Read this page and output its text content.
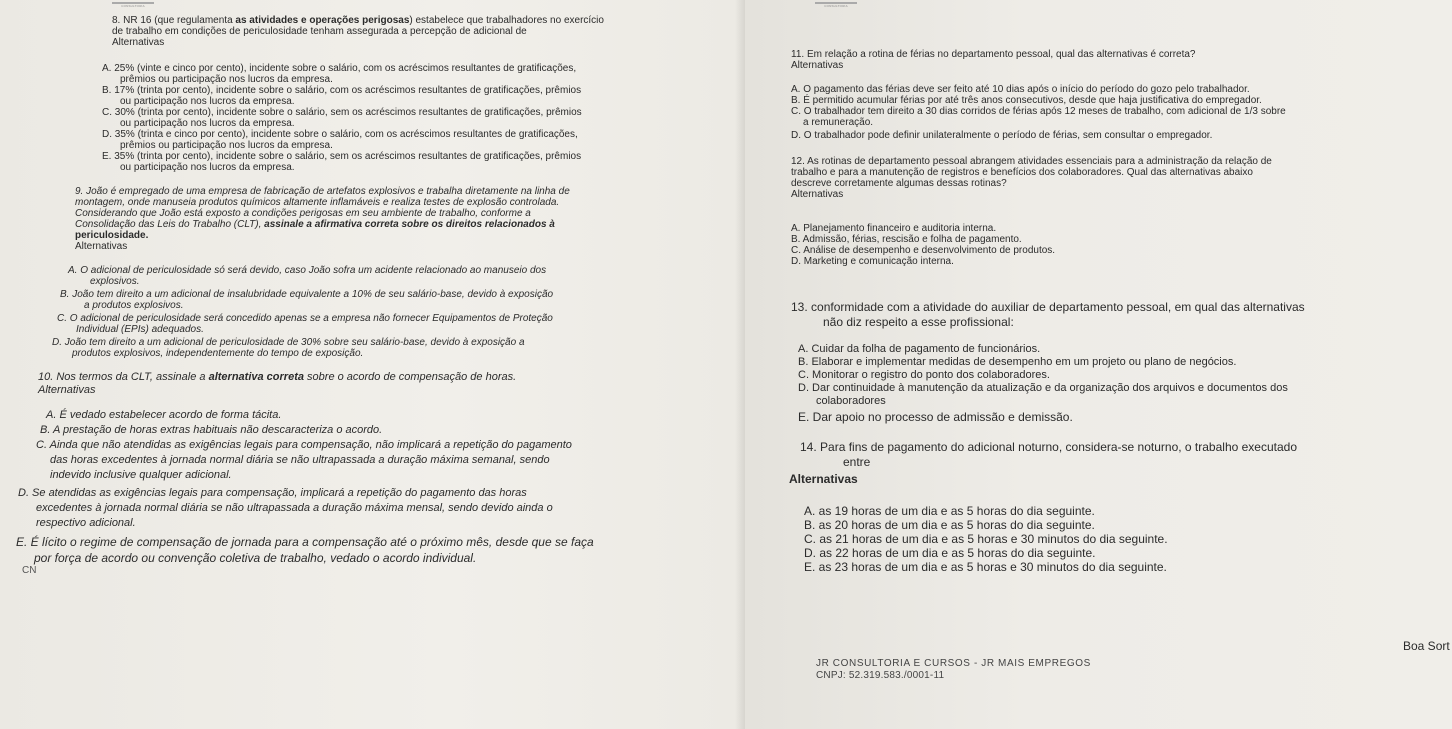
CONSULTORIA
8. NR 16 (que regulamenta as atividades e operações perigosas) estabelece que trabalhadores no exercício
de trabalho em condições de periculosidade tenham assegurada a percepção de adicional de
Alternativas
A. 25% (vinte e cinco por cento), incidente sobre o salário, com os acréscimos resultantes de gratificações,
prêmios ou participação nos lucros da empresa.
B. 17% (trinta por cento), incidente sobre o salário, com os acréscimos resultantes de gratificações, prêmios
ou participação nos lucros da empresa.
C. 30% (trinta por cento), incidente sobre o salário, sem os acréscimos resultantes de gratificações, prêmios
ou participação nos lucros da empresa.
D. 35% (trinta e cinco por cento), incidente sobre o salário, com os acréscimos resultantes de gratificações,
prêmios ou participação nos lucros da empresa.
E. 35% (trinta por cento), incidente sobre o salário, sem os acréscimos resultantes de gratificações, prêmios
ou participação nos lucros da empresa.
9. João é empregado de uma empresa de fabricação de artefatos explosivos e trabalha diretamente na linha de
montagem, onde manuseia produtos químicos altamente inflamáveis e realiza testes de explosão controlada.
Considerando que João está exposto a condições perigosas em seu ambiente de trabalho, conforme a
Consolidação das Leis do Trabalho (CLT), assinale a afirmativa correta sobre os direitos relacionados à
periculosidade.
Alternativas
A. O adicional de periculosidade só será devido, caso João sofra um acidente relacionado ao manuseio dos
explosivos.
B. João tem direito a um adicional de insalubridade equivalente a 10% de seu salário-base, devido à exposição
a produtos explosivos.
C. O adicional de periculosidade será concedido apenas se a empresa não fornecer Equipamentos de Proteção
Individual (EPIs) adequados.
D. João tem direito a um adicional de periculosidade de 30% sobre seu salário-base, devido à exposição a
produtos explosivos, independentemente do tempo de exposição.
10. Nos termos da CLT, assinale a alternativa correta sobre o acordo de compensação de horas.
Alternativas
A. É vedado estabelecer acordo de forma tácita.
B. A prestação de horas extras habituais não descaracteriza o acordo.
C. Ainda que não atendidas as exigências legais para compensação, não implicará a repetição do pagamento
das horas excedentes à jornada normal diária se não ultrapassada a duração máxima semanal, sendo
indevido inclusive qualquer adicional.
D. Se atendidas as exigências legais para compensação, implicará a repetição do pagamento das horas
excedentes à jornada normal diária se não ultrapassada a duração máxima mensal, sendo devido ainda o
respectivo adicional.
E. É lícito o regime de compensação de jornada para a compensação até o próximo mês, desde que se faça
por força de acordo ou convenção coletiva de trabalho, vedado o acordo individual.
CN
CONSULTORIA
11. Em relação a rotina de férias no departamento pessoal, qual das alternativas é correta?
Alternativas
A. O pagamento das férias deve ser feito até 10 dias após o início do período do gozo pelo trabalhador.
B. É permitido acumular férias por até três anos consecutivos, desde que haja justificativa do empregador.
C. O trabalhador tem direito a 30 dias corridos de férias após 12 meses de trabalho, com adicional de 1/3 sobre
a remuneração.
D. O trabalhador pode definir unilateralmente o período de férias, sem consultar o empregador.
12. As rotinas de departamento pessoal abrangem atividades essenciais para a administração da relação de
trabalho e para a manutenção de registros e benefícios dos colaboradores. Qual das alternativas abaixo
descreve corretamente algumas dessas rotinas?
Alternativas
A. Planejamento financeiro e auditoria interna.
B. Admissão, férias, rescisão e folha de pagamento.
C. Análise de desempenho e desenvolvimento de produtos.
D. Marketing e comunicação interna.
13. conformidade com a atividade do auxiliar de departamento pessoal, em qual das alternativas
não diz respeito a esse profissional:
A. Cuidar da folha de pagamento de funcionários.
B. Elaborar e implementar medidas de desempenho em um projeto ou plano de negócios.
C. Monitorar o registro do ponto dos colaboradores.
D. Dar continuidade à manutenção da atualização e da organização dos arquivos e documentos dos
colaboradores
E. Dar apoio no processo de admissão e demissão.
14. Para fins de pagamento do adicional noturno, considera-se noturno, o trabalho executado
entre
Alternativas
A. as 19 horas de um dia e as 5 horas do dia seguinte.
B. as 20 horas de um dia e as 5 horas do dia seguinte.
C. as 21 horas de um dia e as 5 horas e 30 minutos do dia seguinte.
D. as 22 horas de um dia e as 5 horas do dia seguinte.
E. as 23 horas de um dia e as 5 horas e 30 minutos do dia seguinte.
JR CONSULTORIA E CURSOS - JR MAIS EMPREGOS
CNPJ: 52.319.583./0001-11
Boa Sort
